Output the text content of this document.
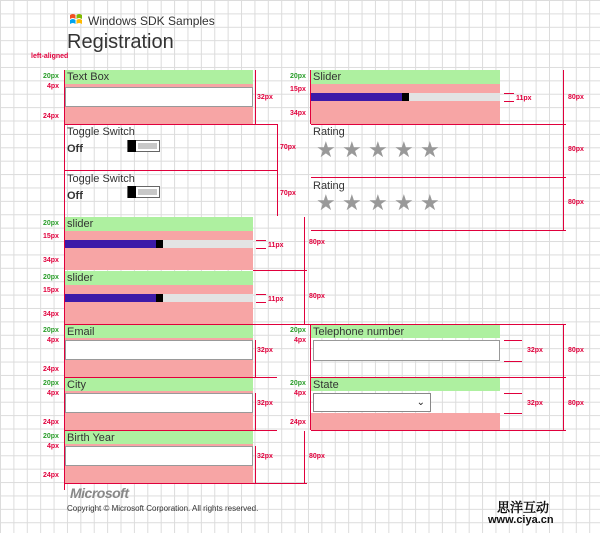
Windows SDK Samples
Registration
left-aligned
Text Box
20px
4px
24px
32px
Slider
20px
15px
34px
11px	80px
Toggle Switch
Off	70px
Toggle Switch
Off	70px
Rating
★ ★ ★ ★ ★	80px
Rating
★ ★ ★ ★ ★	80px
slider
20px
15px
34px
11px	80px
slider
20px
15px
34px
11px	80px
Email
20px
4px
24px
32px
Telephone number
20px
4px
32px	80px
City
20px
4px
24px
32px
State
⌄
20px
4px
24px
32px	80px
Birth Year
20px
4px
24px
32px	80px
Microsoft
Copyright © Microsoft Corporation. All rights reserved.	思洋互动
www.ciya.cn
